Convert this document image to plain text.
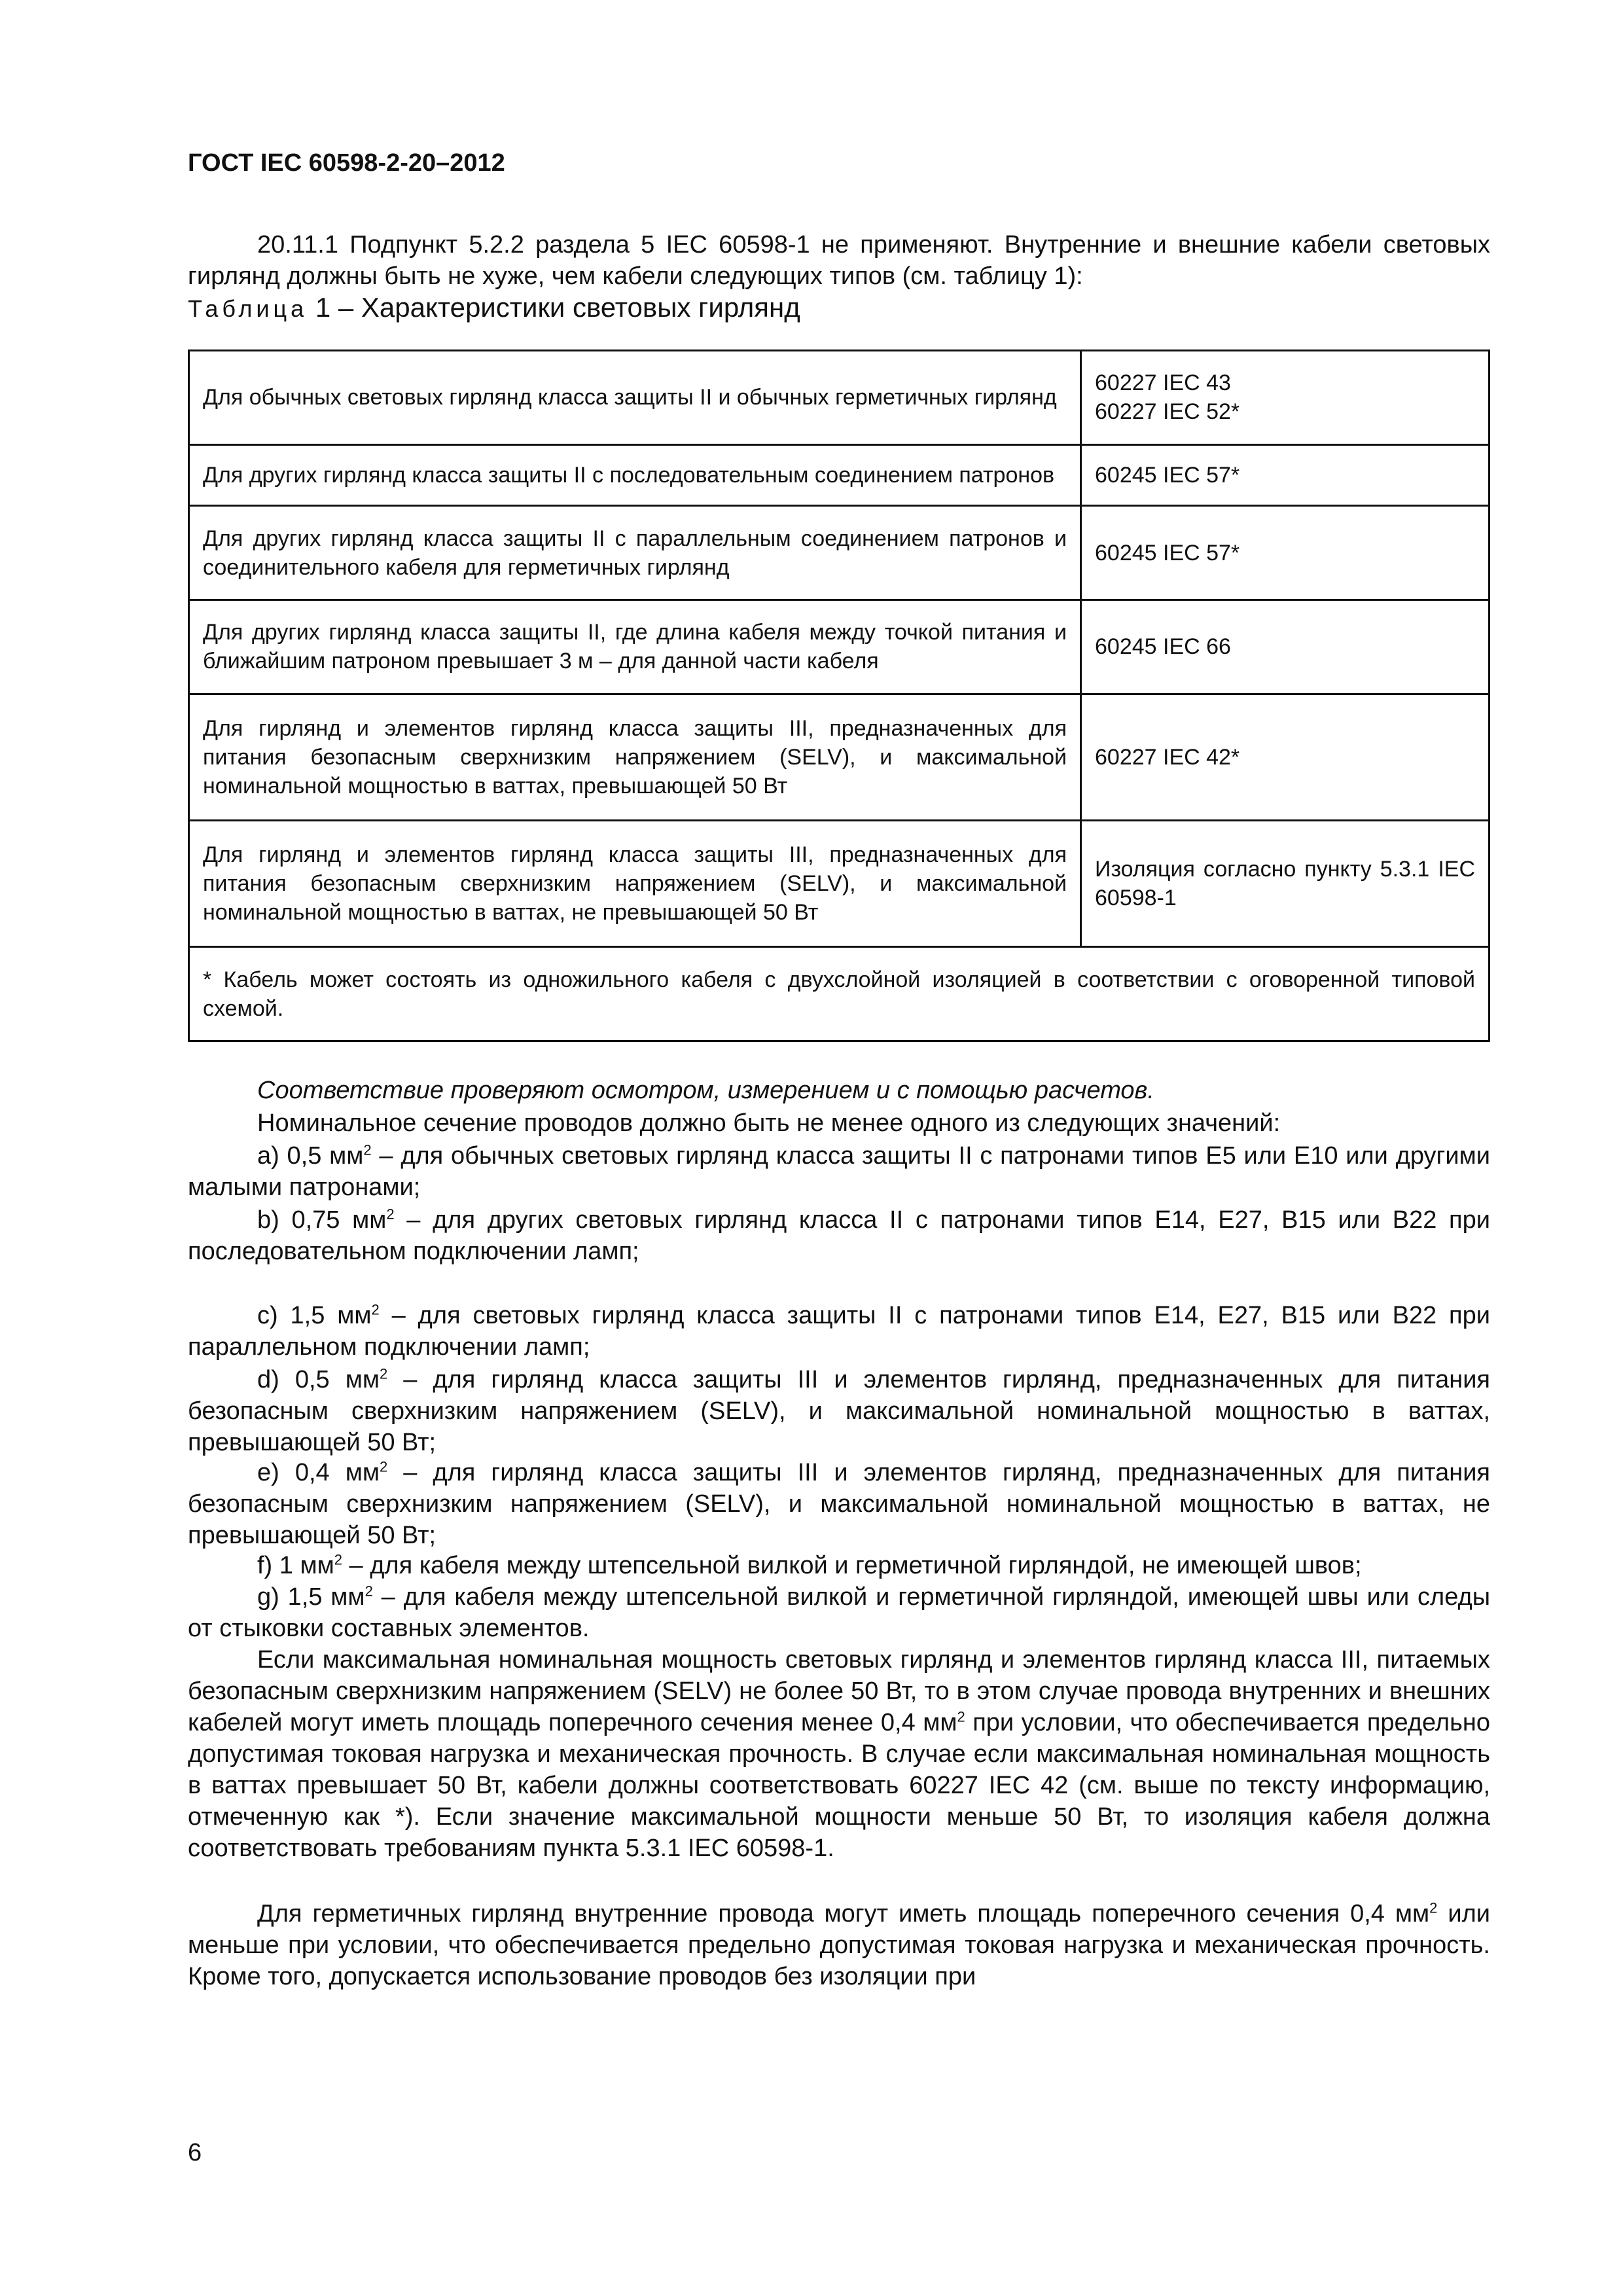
ГОСТ IEC 60598-2-20–2012

20.11.1 Подпункт 5.2.2 раздела 5 IEC 60598-1 не применяют. Внутренние и внешние кабели световых гирлянд должны быть не хуже, чем кабели следующих типов (см. таблицу 1):

Таблица 1 – Характеристики световых гирлянд
Для обычных световых гирлянд класса защиты II и обычных герметичных гирлянд	60227 IEC 43
60227 IEC 52*
Для других гирлянд класса защиты II с последовательным соединением патронов	60245 IEC 57*
Для других гирлянд класса защиты II с параллельным соединением патронов и соединительного кабеля для герметичных гирлянд	60245 IEC 57*
Для других гирлянд класса защиты II, где длина кабеля между точкой питания и ближайшим патроном превышает 3 м – для данной части кабеля	60245 IEC 66
Для гирлянд и элементов гирлянд класса защиты III, предназначенных для питания безопасным сверхнизким напряжением (SELV), и максимальной номинальной мощностью в ваттах, превышающей 50 Вт	60227 IEC 42*
Для гирлянд и элементов гирлянд класса защиты III, предназначенных для питания безопасным сверхнизким напряжением (SELV), и максимальной номинальной мощностью в ваттах, не превышающей 50 Вт	Изоляция согласно пункту 5.3.1 IEC 60598-1
* Кабель может состоять из одножильного кабеля с двухслойной изоляцией в соответствии с оговоренной типовой схемой.	

Соответствие проверяют осмотром, измерением и с помощью расчетов.

Номинальное сечение проводов должно быть не менее одного из следующих значений:

а) 0,5 $мм^2$ – для обычных световых гирлянд класса защиты II с патронами типов Е5 или Е10 или другими малыми патронами;

b) 0,75 $мм^2$ – для других световых гирлянд класса II с патронами типов Е14, Е27, В15 или В22 при последовательном подключении ламп;

c) 1,5 $мм^2$ – для световых гирлянд класса защиты II с патронами типов Е14, Е27, В15 или В22 при параллельном подключении ламп;

d) 0,5 $мм^2$ – для гирлянд класса защиты III и элементов гирлянд, предназначенных для питания безопасным сверхнизким напряжением (SELV), и максимальной номинальной мощностью в ваттах, превышающей 50 Вт;

e) 0,4 $мм^2$ – для гирлянд класса защиты III и элементов гирлянд, предназначенных для питания безопасным сверхнизким напряжением (SELV), и максимальной номинальной мощностью в ваттах, не превышающей 50 Вт;

f) 1 $мм^2$ – для кабеля между штепсельной вилкой и герметичной гирляндой, не имеющей швов;

g) 1,5 $мм^2$ – для кабеля между штепсельной вилкой и герметичной гирляндой, имеющей швы или следы от стыковки составных элементов.

Если максимальная номинальная мощность световых гирлянд и элементов гирлянд класса III, питаемых безопасным сверхнизким напряжением (SELV) не более 50 Вт, то в этом случае провода внутренних и внешних кабелей могут иметь площадь поперечного сечения менее 0,4 $мм^2$ при условии, что обеспечивается предельно допустимая токовая нагрузка и механическая прочность. В случае если максимальная номинальная мощность в ваттах превышает 50 Вт, кабели должны соответствовать 60227 IEC 42 (см. выше по тексту информацию, отмеченную как *). Если значение максимальной мощности меньше 50 Вт, то изоляция кабеля должна соответствовать требованиям пункта 5.3.1 IEC 60598-1.

Для герметичных гирлянд внутренние провода могут иметь площадь поперечного сечения 0,4 $мм^2$ или меньше при условии, что обеспечивается предельно допустимая токовая нагрузка и механическая прочность. Кроме того, допускается использование проводов без изоляции при

6
